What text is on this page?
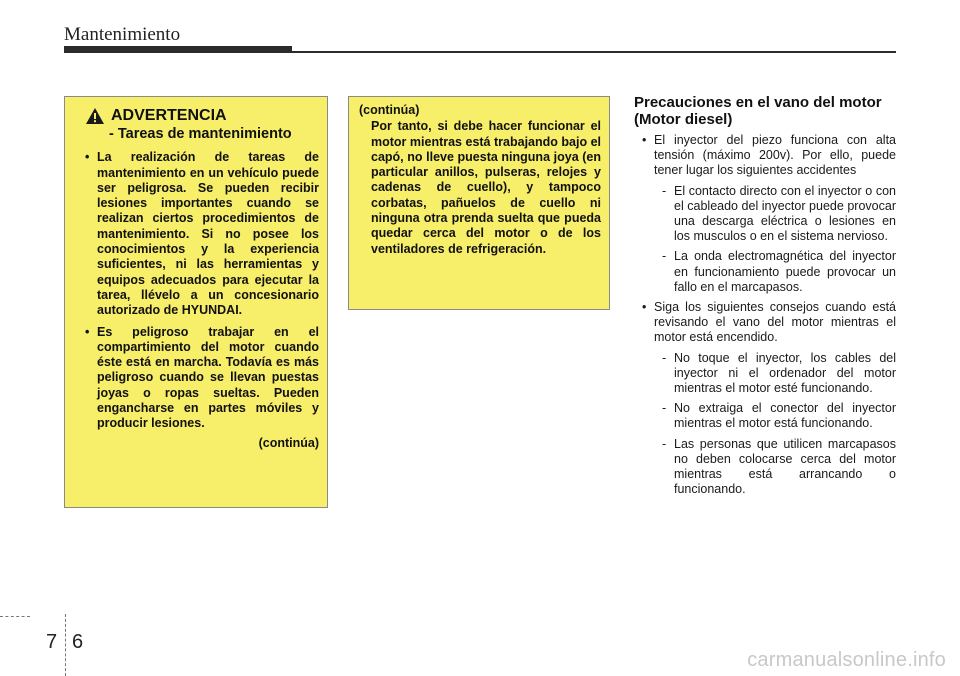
Mantenimiento
ADVERTENCIA
- Tareas de mantenimiento
• La realización de tareas de mantenimiento en un vehículo puede ser peligrosa. Se pueden recibir lesiones importantes cuando se realizan ciertos procedimientos de mantenimiento. Si no posee los conocimientos y la experiencia suficientes, ni las herramientas y equipos adecuados para ejecutar la tarea, llévelo a un concesionario autorizado de HYUNDAI.
• Es peligroso trabajar en el compartimiento del motor cuando éste está en marcha. Todavía es más peligroso cuando se llevan puestas joyas o ropas sueltas. Pueden engancharse en partes móviles y producir lesiones.
(continúa)
(continúa)
Por tanto, si debe hacer funcionar el motor mientras está trabajando bajo el capó, no lleve puesta ninguna joya (en particular anillos, pulseras, relojes y cadenas de cuello), y tampoco corbatas, pañuelos de cuello ni ninguna otra prenda suelta que pueda quedar cerca del motor o de los ventiladores de refrigeración.
Precauciones en el vano del motor (Motor diesel)

• El inyector del piezo funciona con alta tensión (máximo 200v). Por ello, puede tener lugar los siguientes accidentes

- El contacto directo con el inyector o con el cableado del inyector puede provocar una descarga eléctrica o lesiones en los musculos o en el sistema nervioso.

- La onda electromagnética del inyector en funcionamiento puede provocar un fallo en el marcapasos.

• Siga los siguientes consejos cuando está revisando el vano del motor mientras el motor está encendido.

- No toque el inyector, los cables del inyector ni el ordenador del motor mientras el motor esté funcionando.

- No extraiga el conector del inyector mientras el motor está funcionando.

- Las personas que utilicen marcapasos no deben colocarse cerca del motor mientras está arrancando o funcionando.

7 6
carmanualsonline.info
